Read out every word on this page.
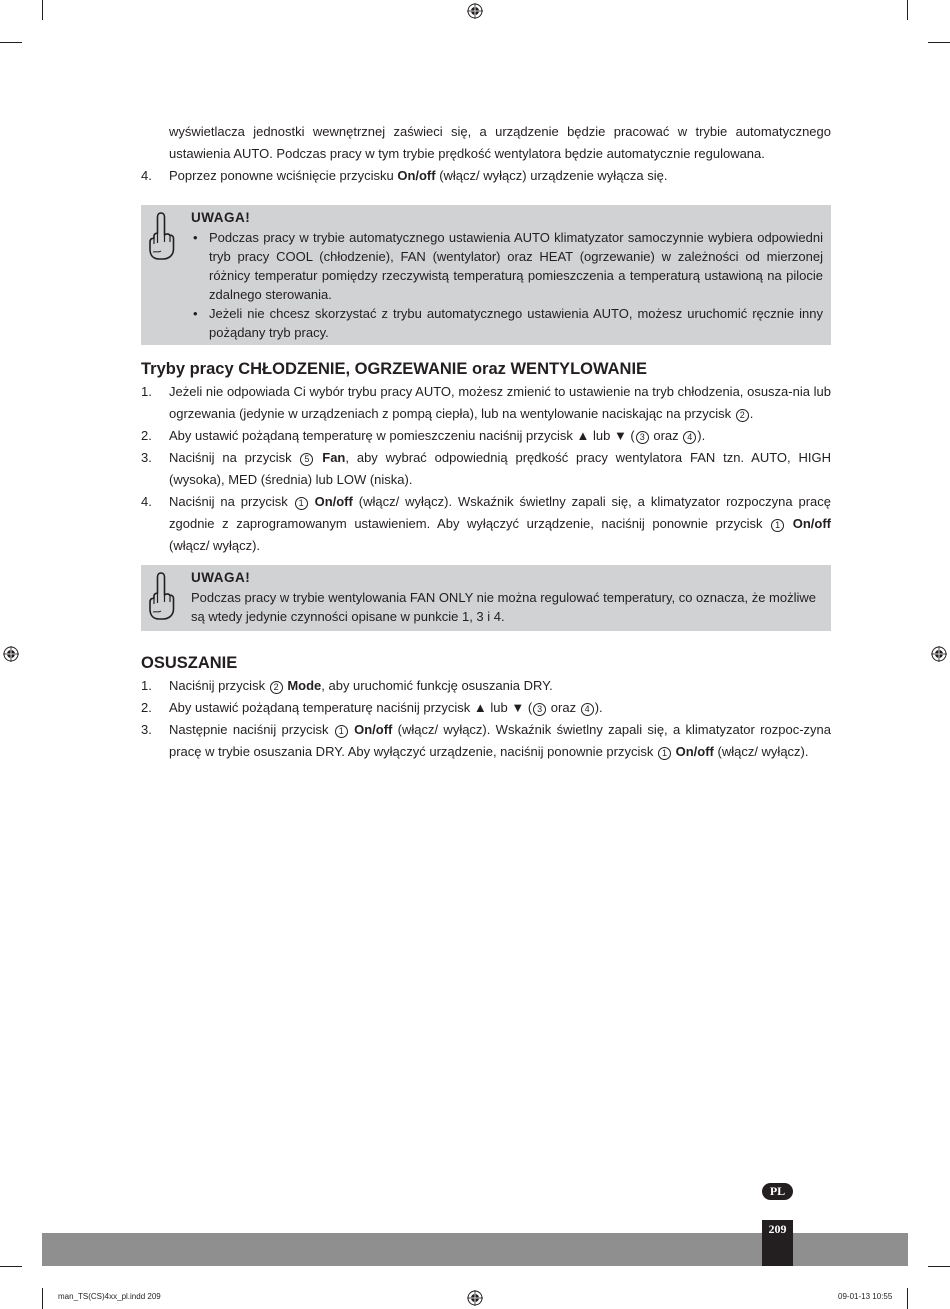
wyświetlacza jednostki wewnętrznej zaświeci się, a urządzenie będzie pracować w trybie automatycznego

ustawienia AUTO. Podczas pracy w tym trybie prędkość wentylatora będzie automatycznie regulowana.

4. Poprzez ponowne wciśnięcie przycisku On/off (włącz/ wyłącz) urządzenie wyłącza się.

UWAGA!

• Podczas pracy w trybie automatycznego ustawienia AUTO klimatyzator samoczynnie wybiera odpowiedni tryb pracy COOL (chłodzenie), FAN (wentylator) oraz HEAT (ogrzewanie) w zależności od mierzonej różnicy temperatur pomiędzy rzeczywistą temperaturą pomieszczenia a temperaturą ustawioną na pilocie zdalnego sterowania.

• Jeżeli nie chcesz skorzystać z trybu automatycznego ustawienia AUTO, możesz uruchomić ręcznie inny pożądany tryb pracy.

Tryby pracy CHŁODZENIE, OGRZEWANIE oraz WENTYLOWANIE

1. Jeżeli nie odpowiada Ci wybór trybu pracy AUTO, możesz zmienić to ustawienie na tryb chłodzenia, osusza-nia lub ogrzewania (jedynie w urządzeniach z pompą ciepła), lub na wentylowanie naciskając na przycisk 2 .

2. Aby ustawić pożądaną temperaturę w pomieszczeniu naciśnij przycisk ▲ lub ▼ ( 3 oraz 4 ).

3. Naciśnij na przycisk 5 Fan, aby wybrać odpowiednią prędkość pracy wentylatora FAN tzn. AUTO, HIGH (wysoka), MED (średnia) lub LOW (niska).

4. Naciśnij na przycisk 1 On/off (włącz/ wyłącz). Wskaźnik świetlny zapali się, a klimatyzator rozpoczyna pracę zgodnie z zaprogramowanym ustawieniem. Aby wyłączyć urządzenie, naciśnij ponownie przycisk 1 On/off (włącz/ wyłącz).

UWAGA!

Podczas pracy w trybie wentylowania FAN ONLY nie można regulować temperatury, co oznacza, że możliwe są wtedy jedynie czynności opisane w punkcie 1, 3 i 4.

OSUSZANIE

1. Naciśnij przycisk 2 Mode, aby uruchomić funkcję osuszania DRY.

2. Aby ustawić pożądaną temperaturę naciśnij przycisk ▲ lub ▼ ( 3 oraz 4 ).

3. Następnie naciśnij przycisk 1 On/off (włącz/ wyłącz). Wskaźnik świetlny zapali się, a klimatyzator rozpoc-zyna pracę w trybie osuszania DRY. Aby wyłączyć urządzenie, naciśnij ponownie przycisk 1 On/off (włącz/ wyłącz).

PL
209
man_TS(CS)4xx_pl.indd 209	09-01-13 10:55
